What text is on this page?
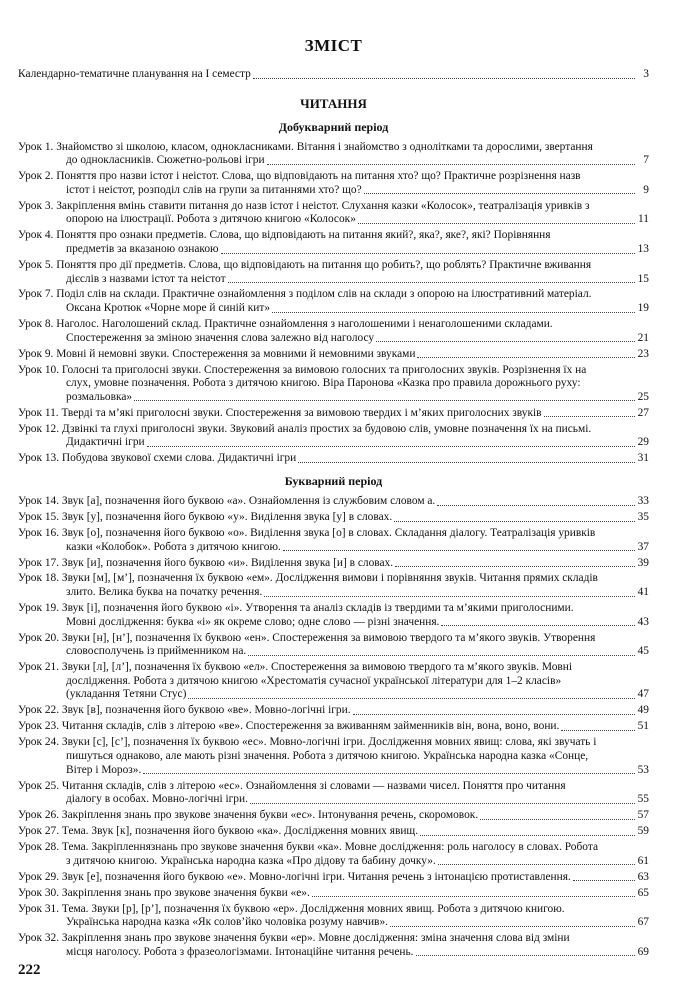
ЗМІСТ
Календарно-тематичне планування на І семестр	3
ЧИТАННЯ
Добукварний період
Урок 1. Знайомство зі школою, класом, однокласниками. Вітання і знайомство з однолітками та дорослими, звертання
до однокласників. Сюжетно-рольові ігри	7
Урок 2. Поняття про назви істот і неістот. Слова, що відповідають на питання хто? що? Практичне розрізнення назв
істот і неістот, розподіл слів на групи за питаннями хто? що?	9
Урок 3. Закріплення вмінь ставити питання до назв істот і неістот. Слухання казки «Колосок», театралізація уривків з
опорою на ілюстрації. Робота з дитячою книгою «Колосок»	11
Урок 4. Поняття про ознаки предметів. Слова, що відповідають на питання який?, яка?, яке?, які? Порівняння
предметів за вказаною ознакою	13
Урок 5. Поняття про дії предметів. Слова, що відповідають на питання що робить?, що роблять? Практичне вживання
дієслів з назвами істот та неістот	15
Урок 7. Поділ слів на склади. Практичне ознайомлення з поділом слів на склади з опорою на ілюстративний матеріал.
Оксана Кротюк «Чорне море й синій кит»	19
Урок 8. Наголос. Наголошений склад. Практичне ознайомлення з наголошеними і ненаголошеними складами.
Спостереження за зміною значення слова залежно від наголосу	21
Урок 9. Мовні й немовні звуки. Спостереження за мовними й немовними звуками	23
Урок 10. Голосні та приголосні звуки. Спостереження за вимовою голосних та приголосних звуків. Розрізнення їх на
слух, умовне позначення. Робота з дитячою книгою. Віра Паронова «Казка про правила дорожнього руху:
розмальовка»	25
Урок 11. Тверді та м’які приголосні звуки. Спостереження за вимовою твердих і м’яких приголосних звуків	27
Урок 12. Дзвінкі та глухі приголосні звуки. Звуковий аналіз простих за будовою слів, умовне позначення їх на письмі.
Дидактичні ігри	29
Урок 13. Побудова звукової схеми слова. Дидактичні ігри	31
Букварний період
Урок 14. Звук [а], позначення його буквою «а». Ознайомлення із службовим словом а.	33
Урок 15. Звук [у], позначення його буквою «у». Виділення звука [у] в словах.	35
Урок 16. Звук [о], позначення його буквою «о». Виділення звука [о] в словах. Складання діалогу. Театралізація уривків
казки «Колобок». Робота з дитячою книгою.	37
Урок 17. Звук [и], позначення його буквою «и». Виділення звука [и] в словах.	39
Урок 18. Звуки [м], [м’], позначення їх буквою «ем». Дослідження вимови і порівняння звуків. Читання прямих складів
злито. Велика буква на початку речення.	41
Урок 19. Звук [і], позначення його буквою «і». Утворення та аналіз складів із твердими та м’якими приголосними.
Мовні дослідження: буква «і» як окреме слово; одне слово — різні значення.	43
Урок 20. Звуки [н], [н’], позначення їх буквою «ен». Спостереження за вимовою твердого та м’якого звуків. Утворення
словосполучень із прийменником на.	45
Урок 21. Звуки [л], [л’], позначення їх буквою «ел». Спостереження за вимовою твердого та м’якого звуків. Мовні
дослідження. Робота з дитячою книгою «Хрестоматія сучасної української літератури для 1–2 класів»
(укладання Тетяни Стус)	47
Урок 22. Звук [в], позначення його буквою «ве». Мовно-логічні ігри.	49
Урок 23. Читання складів, слів з літерою «ве». Спостереження за вживанням займенників він, вона, воно, вони.	51
Урок 24. Звуки [с], [с’], позначення їх буквою «ес». Мовно-логічні ігри. Дослідження мовних явищ: слова, які звучать і
пишуться однаково, але мають різні значення. Робота з дитячою книгою. Українська народна казка «Сонце,
Вітер і Мороз».	53
Урок 25. Читання складів, слів з літерою «ес». Ознайомлення зі словами — назвами чисел. Поняття про читання
діалогу в особах. Мовно-логічні ігри.	55
Урок 26. Закріплення знань про звукове значення букви «ес». Інтонування речень, скоромовок.	57
Урок 27. Тема. Звук [к], позначення його буквою «ка». Дослідження мовних явищ.	59
Урок 28. Тема. Закріпленнязнань про звукове значення букви «ка». Мовне дослідження: роль наголосу в словах. Робота
з дитячою книгою. Українська народна казка «Про дідову та бабину дочку».	61
Урок 29. Звук [е], позначення його буквою «е». Мовно-логічні ігри. Читання речень з інтонацією протиставлення.	63
Урок 30. Закріплення знань про звукове значення букви «е».	65
Урок 31. Тема. Звуки [р], [р’], позначення їх буквою «ер». Дослідження мовних явищ. Робота з дитячою книгою.
Українська народна казка «Як солов’йко чоловіка розуму навчив».	67
Урок 32. Закріплення знань про звукове значення букви «ер». Мовне дослідження: зміна значення слова від зміни
місця наголосу. Робота з фразеологізмами. Інтонаційне читання речень.	69
222
